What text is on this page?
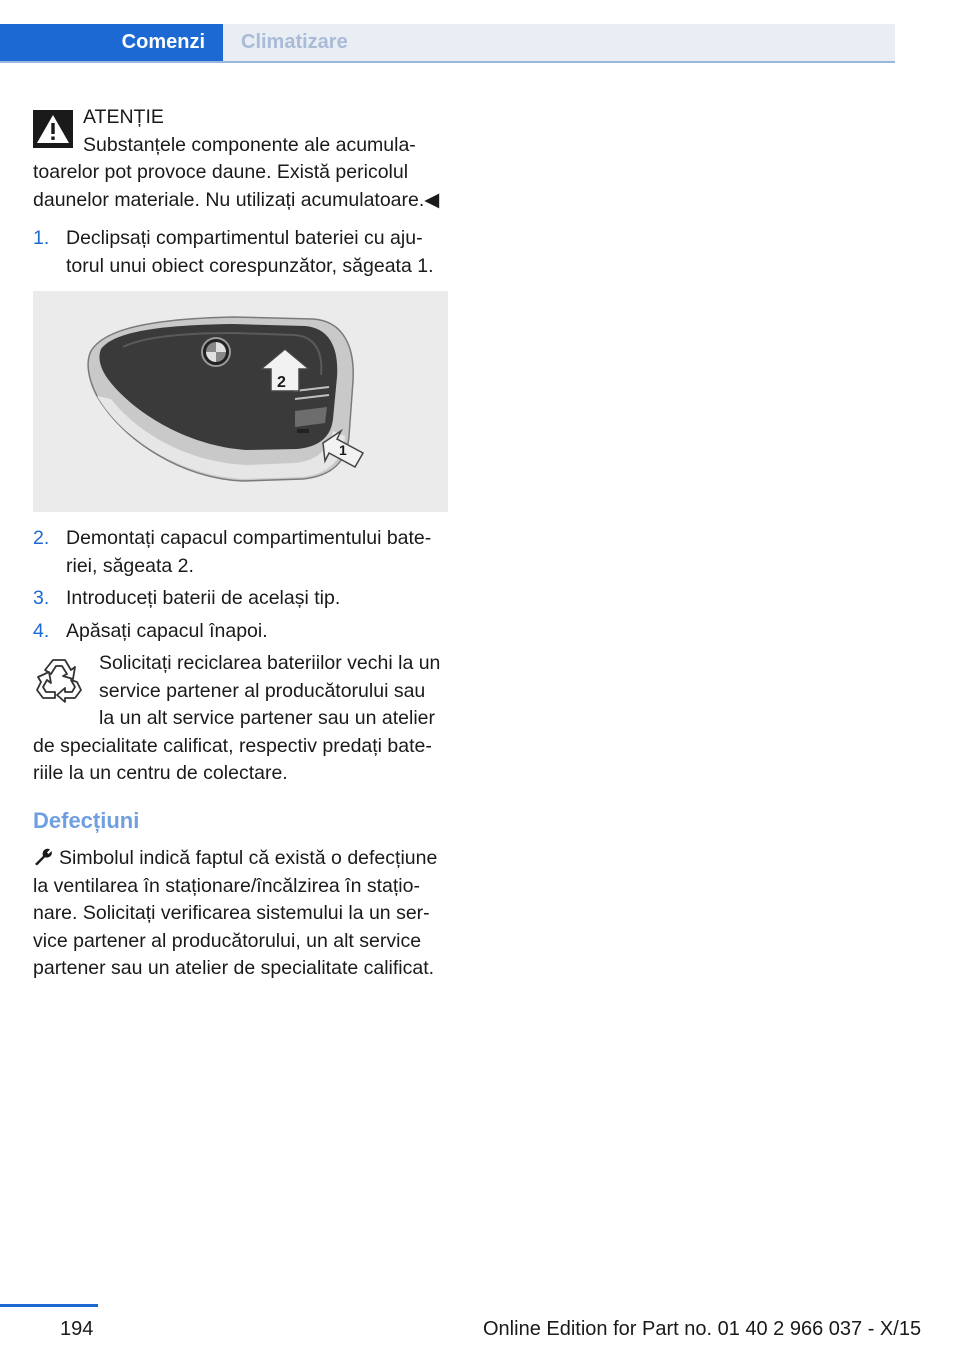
Comenzi	Climatizare

ATENȚIE

Substanțele componente ale acumula‐

toarelor pot provoce daune. Există pericolul daunelor materiale. Nu utilizați acumulatoare.◀

1. Declipsați compartimentul bateriei cu aju‐torul unui obiect corespunzător, săgeata 1.
2
1
2. Demontați capacul compartimentului bate‐riei, săgeata 2.
3. Introduceți baterii de același tip.
4. Apăsați capacul înapoi.

Solicitați reciclarea bateriilor vechi la un

service partener al producătorului sau

la un alt service partener sau un atelier

de specialitate calificat, respectiv predați bate‐riile la un centru de colectare.

Defecțiuni

Simbolul indică faptul că există o defecțiune la ventilarea în staționare/încălzirea în stațio‐nare. Solicitați verificarea sistemului la un ser‐vice partener al producătorului, un alt service partener sau un atelier de specialitate calificat.

194	Online Edition for Part no. 01 40 2 966 037 - X/15
